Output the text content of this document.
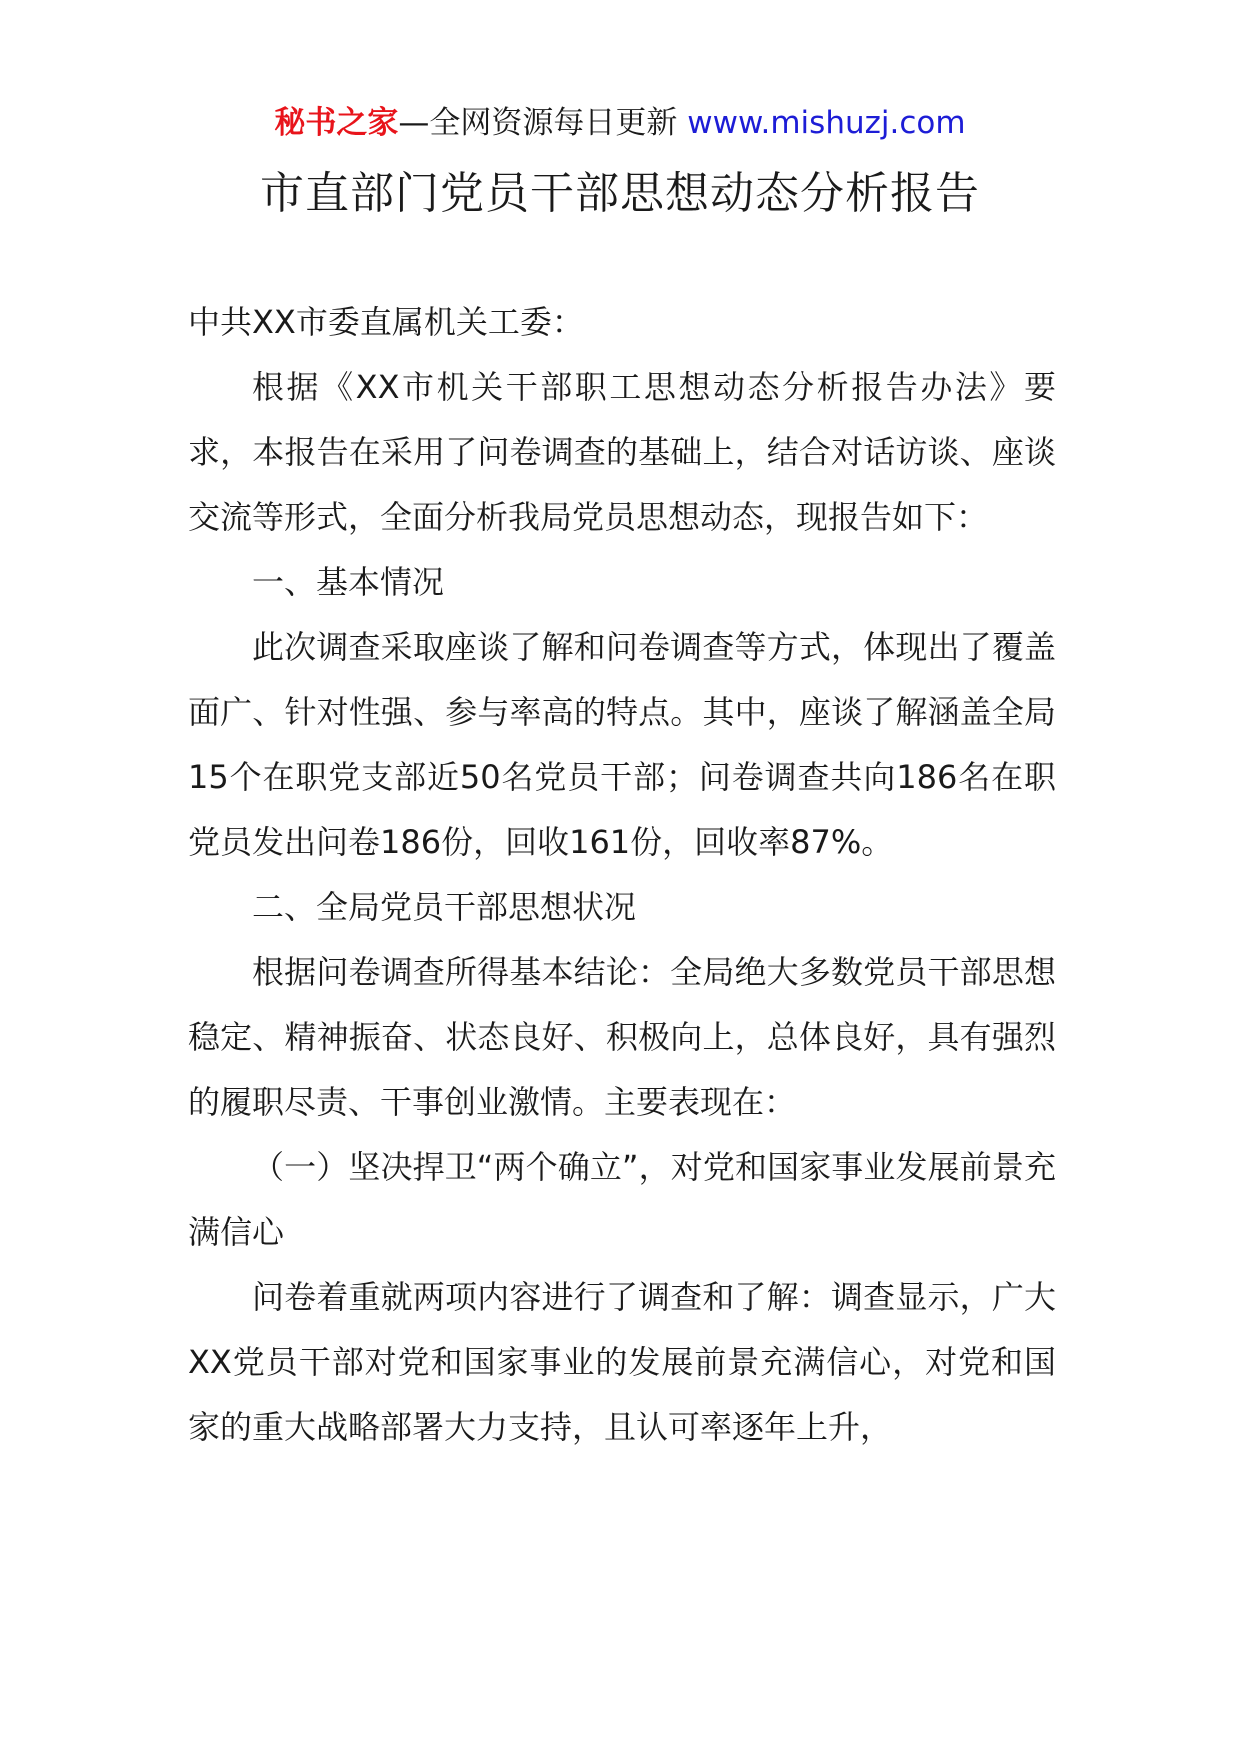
秘书之家—全网资源每日更新 www.mishuzj.com
市直部门党员干部思想动态分析报告

中共XX市委直属机关工委：

根据《XX市机关干部职工思想动态分析报告办法》要求，本报告在采用了问卷调查的基础上，结合对话访谈、座谈交流等形式，全面分析我局党员思想动态，现报告如下：

一、基本情况

此次调查采取座谈了解和问卷调查等方式，体现出了覆盖面广、针对性强、参与率高的特点。其中，座谈了解涵盖全局15个在职党支部近50名党员干部；问卷调查共向186名在职党员发出问卷186份，回收161份，回收率87%。

二、全局党员干部思想状况

根据问卷调查所得基本结论：全局绝大多数党员干部思想稳定、精神振奋、状态良好、积极向上，总体良好，具有强烈的履职尽责、干事创业激情。主要表现在：

（一）坚决捍卫“两个确立”，对党和国家事业发展前景充满信心

问卷着重就两项内容进行了调查和了解：调查显示，广大XX党员干部对党和国家事业的发展前景充满信心，对党和国家的重大战略部署大力支持，且认可率逐年上升，
